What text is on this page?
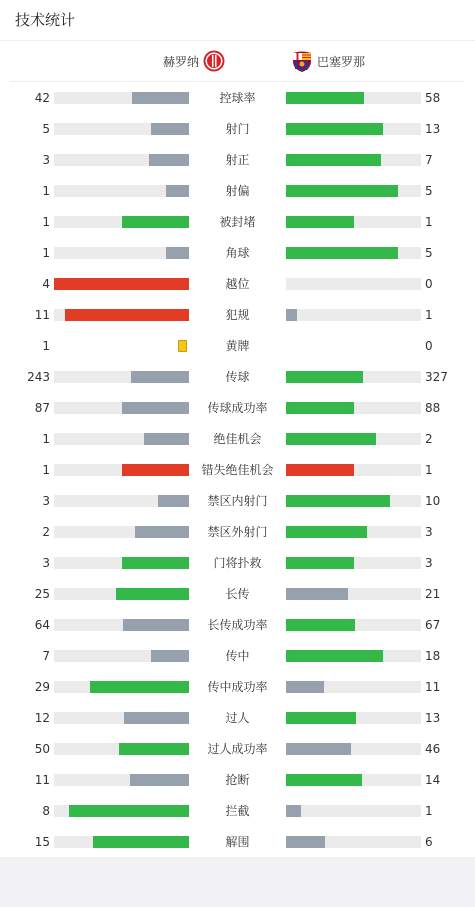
技术统计
赫罗纳	巴塞罗那
42	控球率	58
5	射门	13
3	射正	7
1	射偏	5
1	被封堵	1
1	角球	5
4	越位	0
11	犯规	1
1	黄牌	0
243	传球	327
87	传球成功率	88
1	绝佳机会	2
1	错失绝佳机会	1
3	禁区内射门	10
2	禁区外射门	3
3	门将扑救	3
25	长传	21
64	长传成功率	67
7	传中	18
29	传中成功率	11
12	过人	13
50	过人成功率	46
11	抢断	14
8	拦截	1
15	解围	6
